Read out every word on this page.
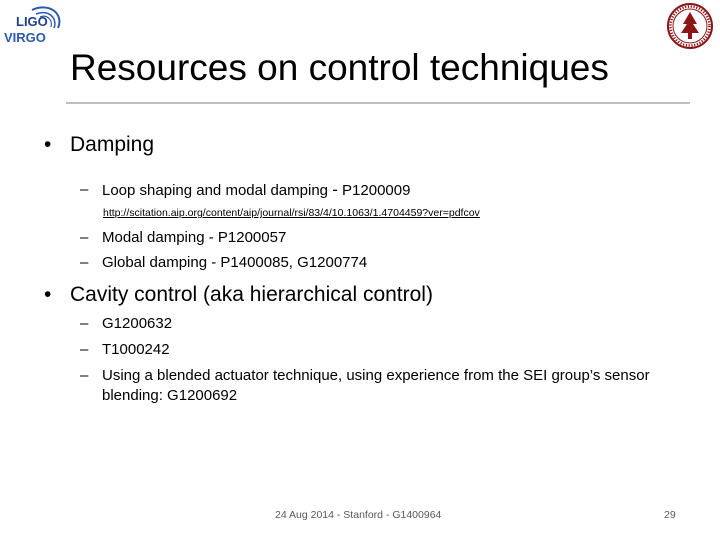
LIGO
VIRGO
Resources on control techniques
• Damping
– Loop shaping and modal damping - P1200009
http://scitation.aip.org/content/aip/journal/rsi/83/4/10.1063/1.4704459?ver=pdfcov
– Modal damping - P1200057
– Global damping - P1400085, G1200774
• Cavity control (aka hierarchical control)
– G1200632
– T1000242
– Using a blended actuator technique, using experience from the SEI group’s sensor blending: G1200692
24 Aug 2014 - Stanford - G1400964	29
